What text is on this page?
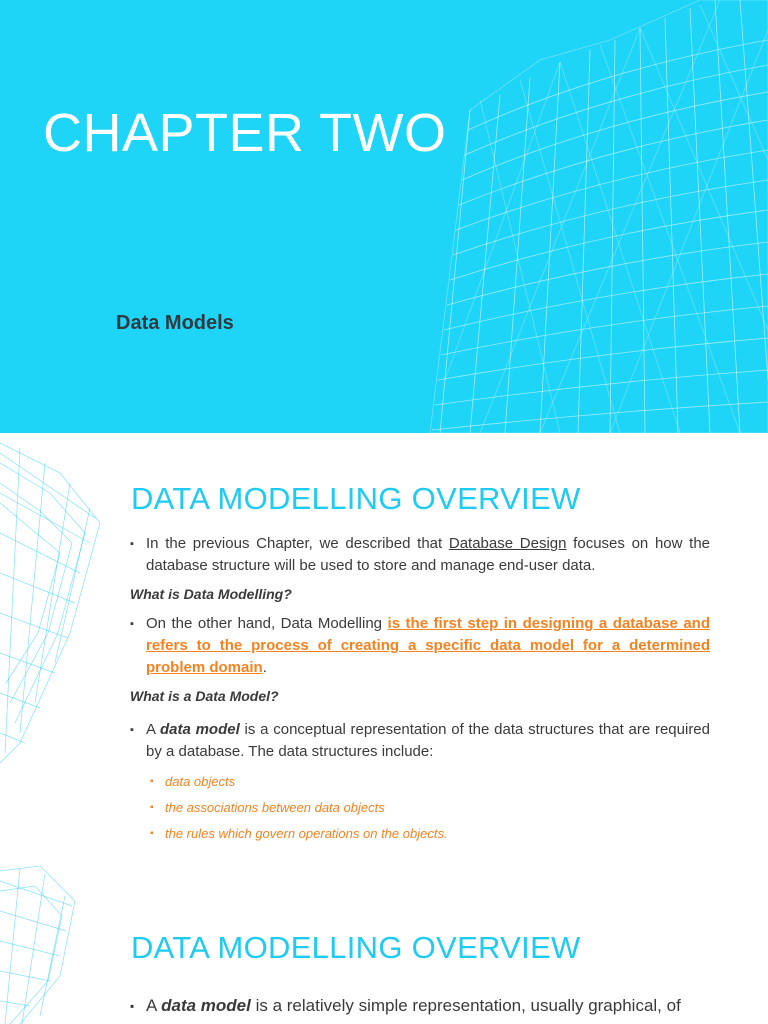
CHAPTER TWO
Data Models
DATA MODELLING OVERVIEW

▪ In the previous Chapter, we described that Database Design focuses on how the database structure will be used to store and manage end-user data.

What is Data Modelling?

▪ On the other hand, Data Modelling is the first step in designing a database and refers to the process of creating a specific data model for a determined problem domain.

What is a Data Model?

▪ A data model is a conceptual representation of the data structures that are required by a database. The data structures include:

▪ data objects
▪ the associations between data objects
▪ the rules which govern operations on the objects.
DATA MODELLING OVERVIEW

▪ A data model is a relatively simple representation, usually graphical, of
